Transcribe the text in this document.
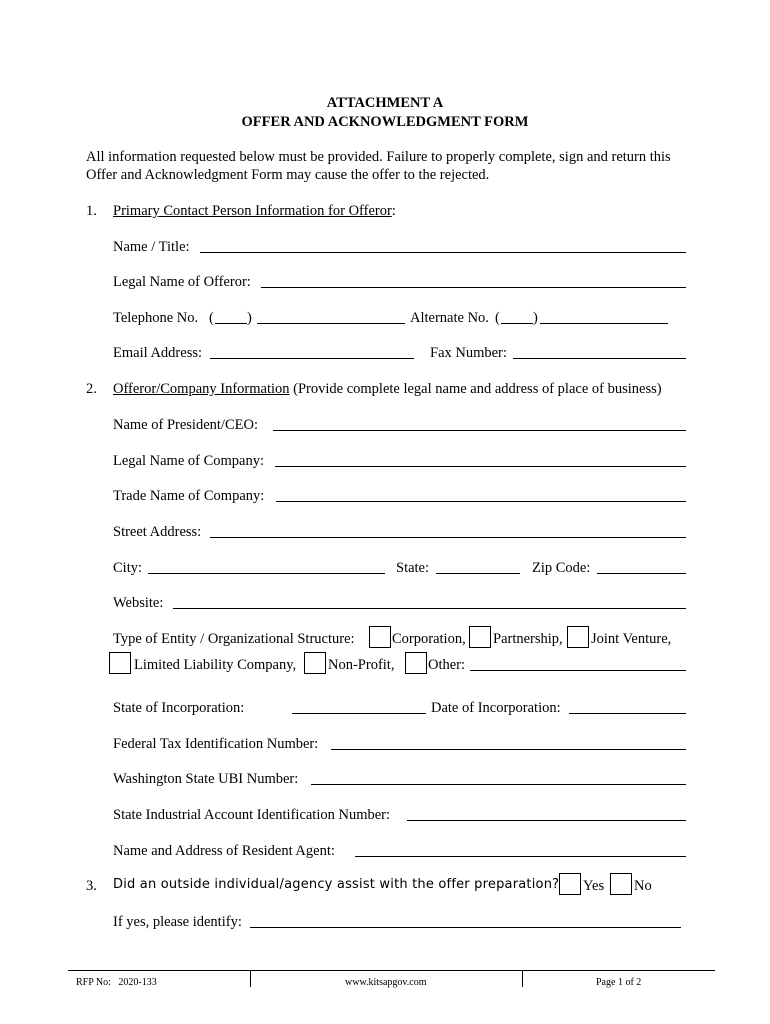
ATTACHMENT A
OFFER AND ACKNOWLEDGMENT FORM
All information requested below must be provided. Failure to properly complete, sign and return this
Offer and Acknowledgment Form may cause the offer to the rejected.
1. Primary Contact Person Information for Offeror:
Name / Title:
Legal Name of Offeror:
Telephone No. ( )	Alternate No. ( )
Email Address:	Fax Number:
2. Offeror/Company Information (Provide complete legal name and address of place of business)
Name of President/CEO:
Legal Name of Company:
Trade Name of Company:
Street Address:
City:	State:	Zip Code:
Website:
Type of Entity / Organizational Structure:	Corporation, Partnership, Joint Venture,
Limited Liability Company, Non-Profit, Other:
State of Incorporation:	Date of Incorporation:
Federal Tax Identification Number:
Washington State UBI Number:
State Industrial Account Identification Number:
Name and Address of Resident Agent:
3. Did an outside individual/agency assist with the offer preparation? Yes No
If yes, please identify:
RFP No: 2020-133	www.kitsapgov.com	Page 1 of 2
